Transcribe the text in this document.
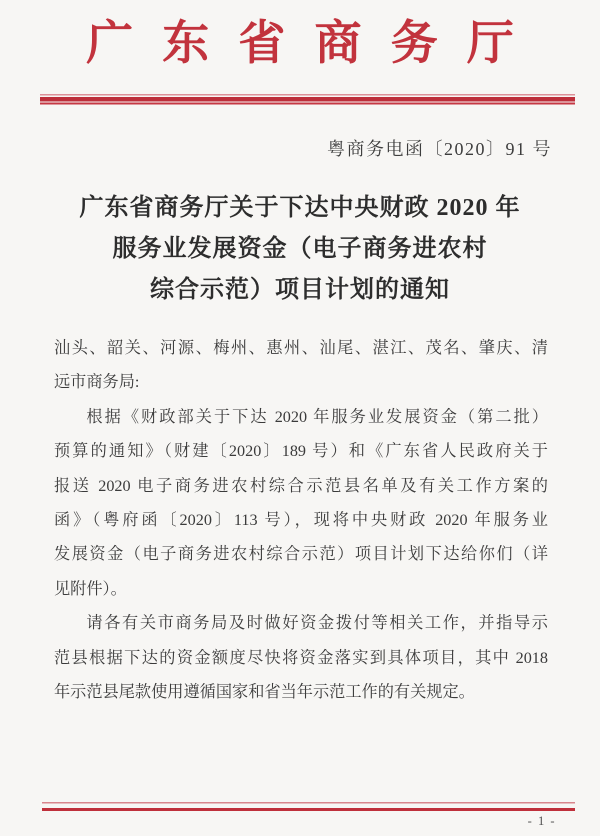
广东省商务厅
粤商务电函〔2020〕91 号
广东省商务厅关于下达中央财政 2020 年
服务业发展资金（电子商务进农村
综合示范）项目计划的通知
汕头、韶关、河源、梅州、惠州、汕尾、湛江、茂名、肇庆、清
远市商务局:
根据《财政部关于下达 2020 年服务业发展资金（第二批）
预算的通知》（财建〔2020〕189 号）和《广东省人民政府关于
报送 2020 电子商务进农村综合示范县名单及有关工作方案的
函》（粤府函〔2020〕113 号），现将中央财政 2020 年服务业
发展资金（电子商务进农村综合示范）项目计划下达给你们（详
见附件）。
请各有关市商务局及时做好资金拨付等相关工作，并指导示
范县根据下达的资金额度尽快将资金落实到具体项目，其中 2018
年示范县尾款使用遵循国家和省当年示范工作的有关规定。
- 1 -
